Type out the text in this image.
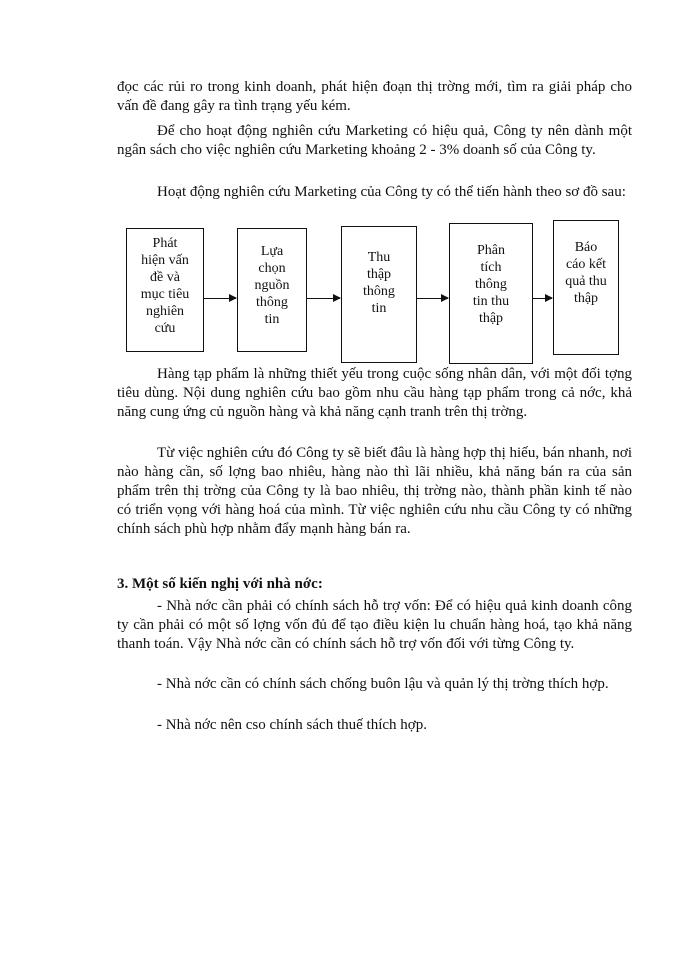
đọc các rủi ro trong kinh doanh, phát hiện đoạn thị trờng mới, tìm ra giải pháp cho vấn đề đang gây ra tình trạng yếu kém.

Để cho hoạt động nghiên cứu Marketing có hiệu quả, Công ty nên dành một ngân sách cho việc nghiên cứu Marketing khoảng 2 - 3% doanh số của Công ty.

Hoạt động nghiên cứu Marketing của Công ty có thể tiến hành theo sơ đồ sau:

Phát
hiện vấn
đề và
mục tiêu
nghiên
cứu
Lựa
chọn
nguồn
thông
tin
Thu
thập
thông
tin
Phân
tích
thông
tin thu
thập
Báo
cáo kết
quả thu
thập

Hàng tạp phẩm là những thiết yếu trong cuộc sống nhân dân, với một đối tợng tiêu dùng. Nội dung nghiên cứu bao gồm nhu cầu hàng tạp phẩm trong cả nớc, khả năng cung ứng củ nguồn hàng và khả năng cạnh tranh trên thị trờng.

Từ việc nghiên cứu đó Công ty sẽ biết đâu là hàng hợp thị hiếu, bán nhanh, nơi nào hàng cần, số lợng bao nhiêu, hàng nào thì lãi nhiều, khả năng bán ra của sản phẩm trên thị trờng của Công ty là bao nhiêu, thị trờng nào, thành phần kinh tế nào có triển vọng với hàng hoá của mình. Từ việc nghiên cứu nhu cầu Công ty có những chính sách phù hợp nhằm đẩy mạnh hàng bán ra.

3. Một số kiến nghị với nhà nớc:

- Nhà nớc cần phải có chính sách hỗ trợ vốn: Để có hiệu quả kinh doanh công ty cần phải có một số lợng vốn đủ để tạo điều kiện lu chuẩn hàng hoá, tạo khả năng thanh toán. Vậy Nhà nớc cần có chính sách hỗ trợ vốn đối với từng Công ty.

- Nhà nớc cần có chính sách chống buôn lậu và quản lý thị trờng thích hợp.

- Nhà nớc nên cso chính sách thuế thích hợp.
